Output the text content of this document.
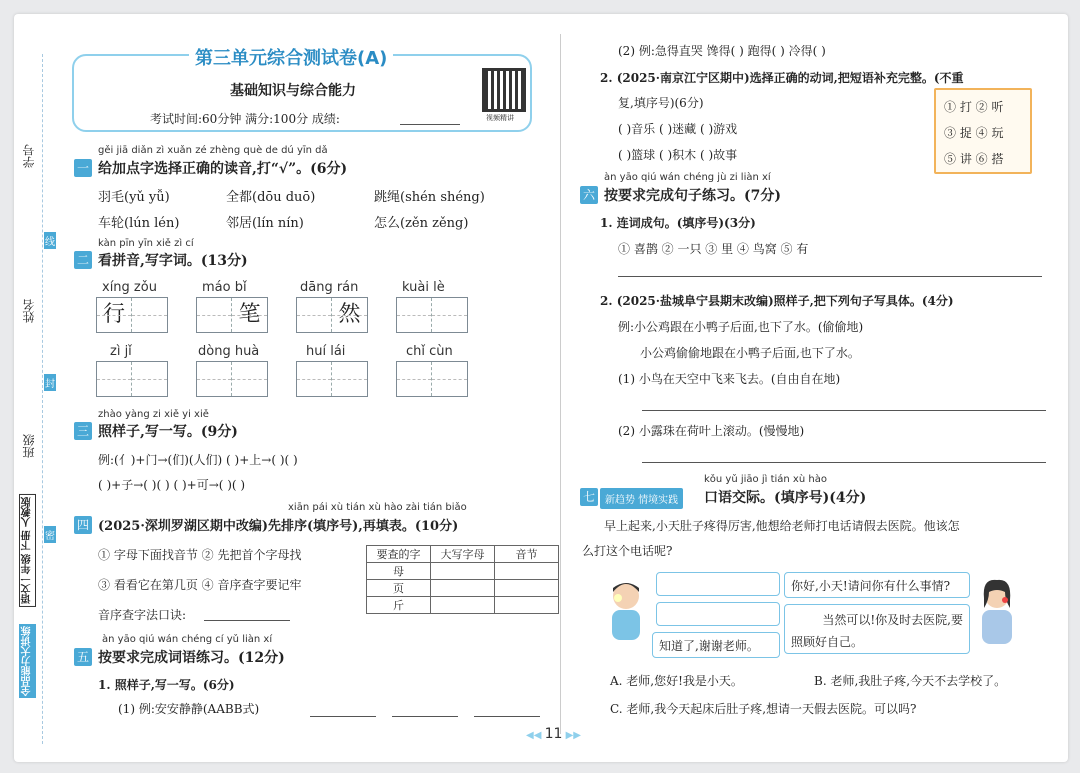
学号
姓名
班级
线
封
密
语文一年级 下册 人教版
全品能力大讲练
第三单元综合测试卷(A)
基础知识与综合能力
考试时间:60分钟 满分:100分 成绩:	视频精讲
gěi jiā diǎn zì xuǎn zé zhèng què de dú yīn dǎ
一 给加点字选择正确的读音,打“√”。(6分)
羽毛(yǔ yǚ)	全都(dōu duō)	跳绳(shén shéng)
车轮(lún lén)	邻居(lín nín)	怎么(zěn zěng)
kàn pīn yīn xiě zì cí
二 看拼音,写字词。(13分)
xíng zǒu
行
máo bǐ
笔
dāng rán
然
kuài lè
zì jǐ	dòng huà	huí lái	chǐ cùn
zhào yàng zi xiě yi xiě
三 照样子,写一写。(9分)
例:(亻)+门→(们)(人们) ( )+上→( )( )
( )+子→( )( ) ( )+可→( )( )
xiān pái xù tián xù hào zài tián biǎo
四 (2025·深圳罗湖区期中改编)先排序(填序号),再填表。(10分)
① 字母下面找音节 ② 先把首个字母找
③ 看看它在第几页 ④ 音序查字要记牢
音序查字法口诀:
要查的字	大写字母	音节
母		
页		
斤		
àn yāo qiú wán chéng cí yǔ liàn xí
五 按要求完成词语练习。(12分)
1. 照样子,写一写。(6分)
(1) 例:安安静静(AABB式)
(2) 例:急得直哭 馋得( ) 跑得( ) 冷得( )
2. (2025·南京江宁区期中)选择正确的动词,把短语补充完整。(不重
复,填序号)(6分)
( )音乐 ( )迷藏 ( )游戏
( )篮球 ( )积木 ( )故事
① 打 ② 听
③ 捉 ④ 玩
⑤ 讲 ⑥ 搭
àn yāo qiú wán chéng jù zi liàn xí
六 按要求完成句子练习。(7分)
1. 连词成句。(填序号)(3分)
① 喜鹊 ② 一只 ③ 里 ④ 鸟窝 ⑤ 有
2. (2025·盐城阜宁县期末改编)照样子,把下列句子写具体。(4分)
例:小公鸡跟在小鸭子后面,也下了水。(偷偷地)
小公鸡偷偷地跟在小鸭子后面,也下了水。
(1) 小鸟在天空中飞来飞去。(自由自在地)
(2) 小露珠在荷叶上滚动。(慢慢地)
kǒu yǔ jiāo jì tián xù hào
七	新趋势 情境实践	口语交际。(填序号)(4分)
早上起来,小天肚子疼得厉害,他想给老师打电话请假去医院。他该怎
么打这个电话呢?
知道了,谢谢老师。
你好,小天!请问你有什么事情?
当然可以!你及时去医院,要

照顾好自己。
A. 老师,您好!我是小天。	B. 老师,我肚子疼,今天不去学校了。
C. 老师,我今天起床后肚子疼,想请一天假去医院。可以吗?
◀◀ 11 ▶▶
